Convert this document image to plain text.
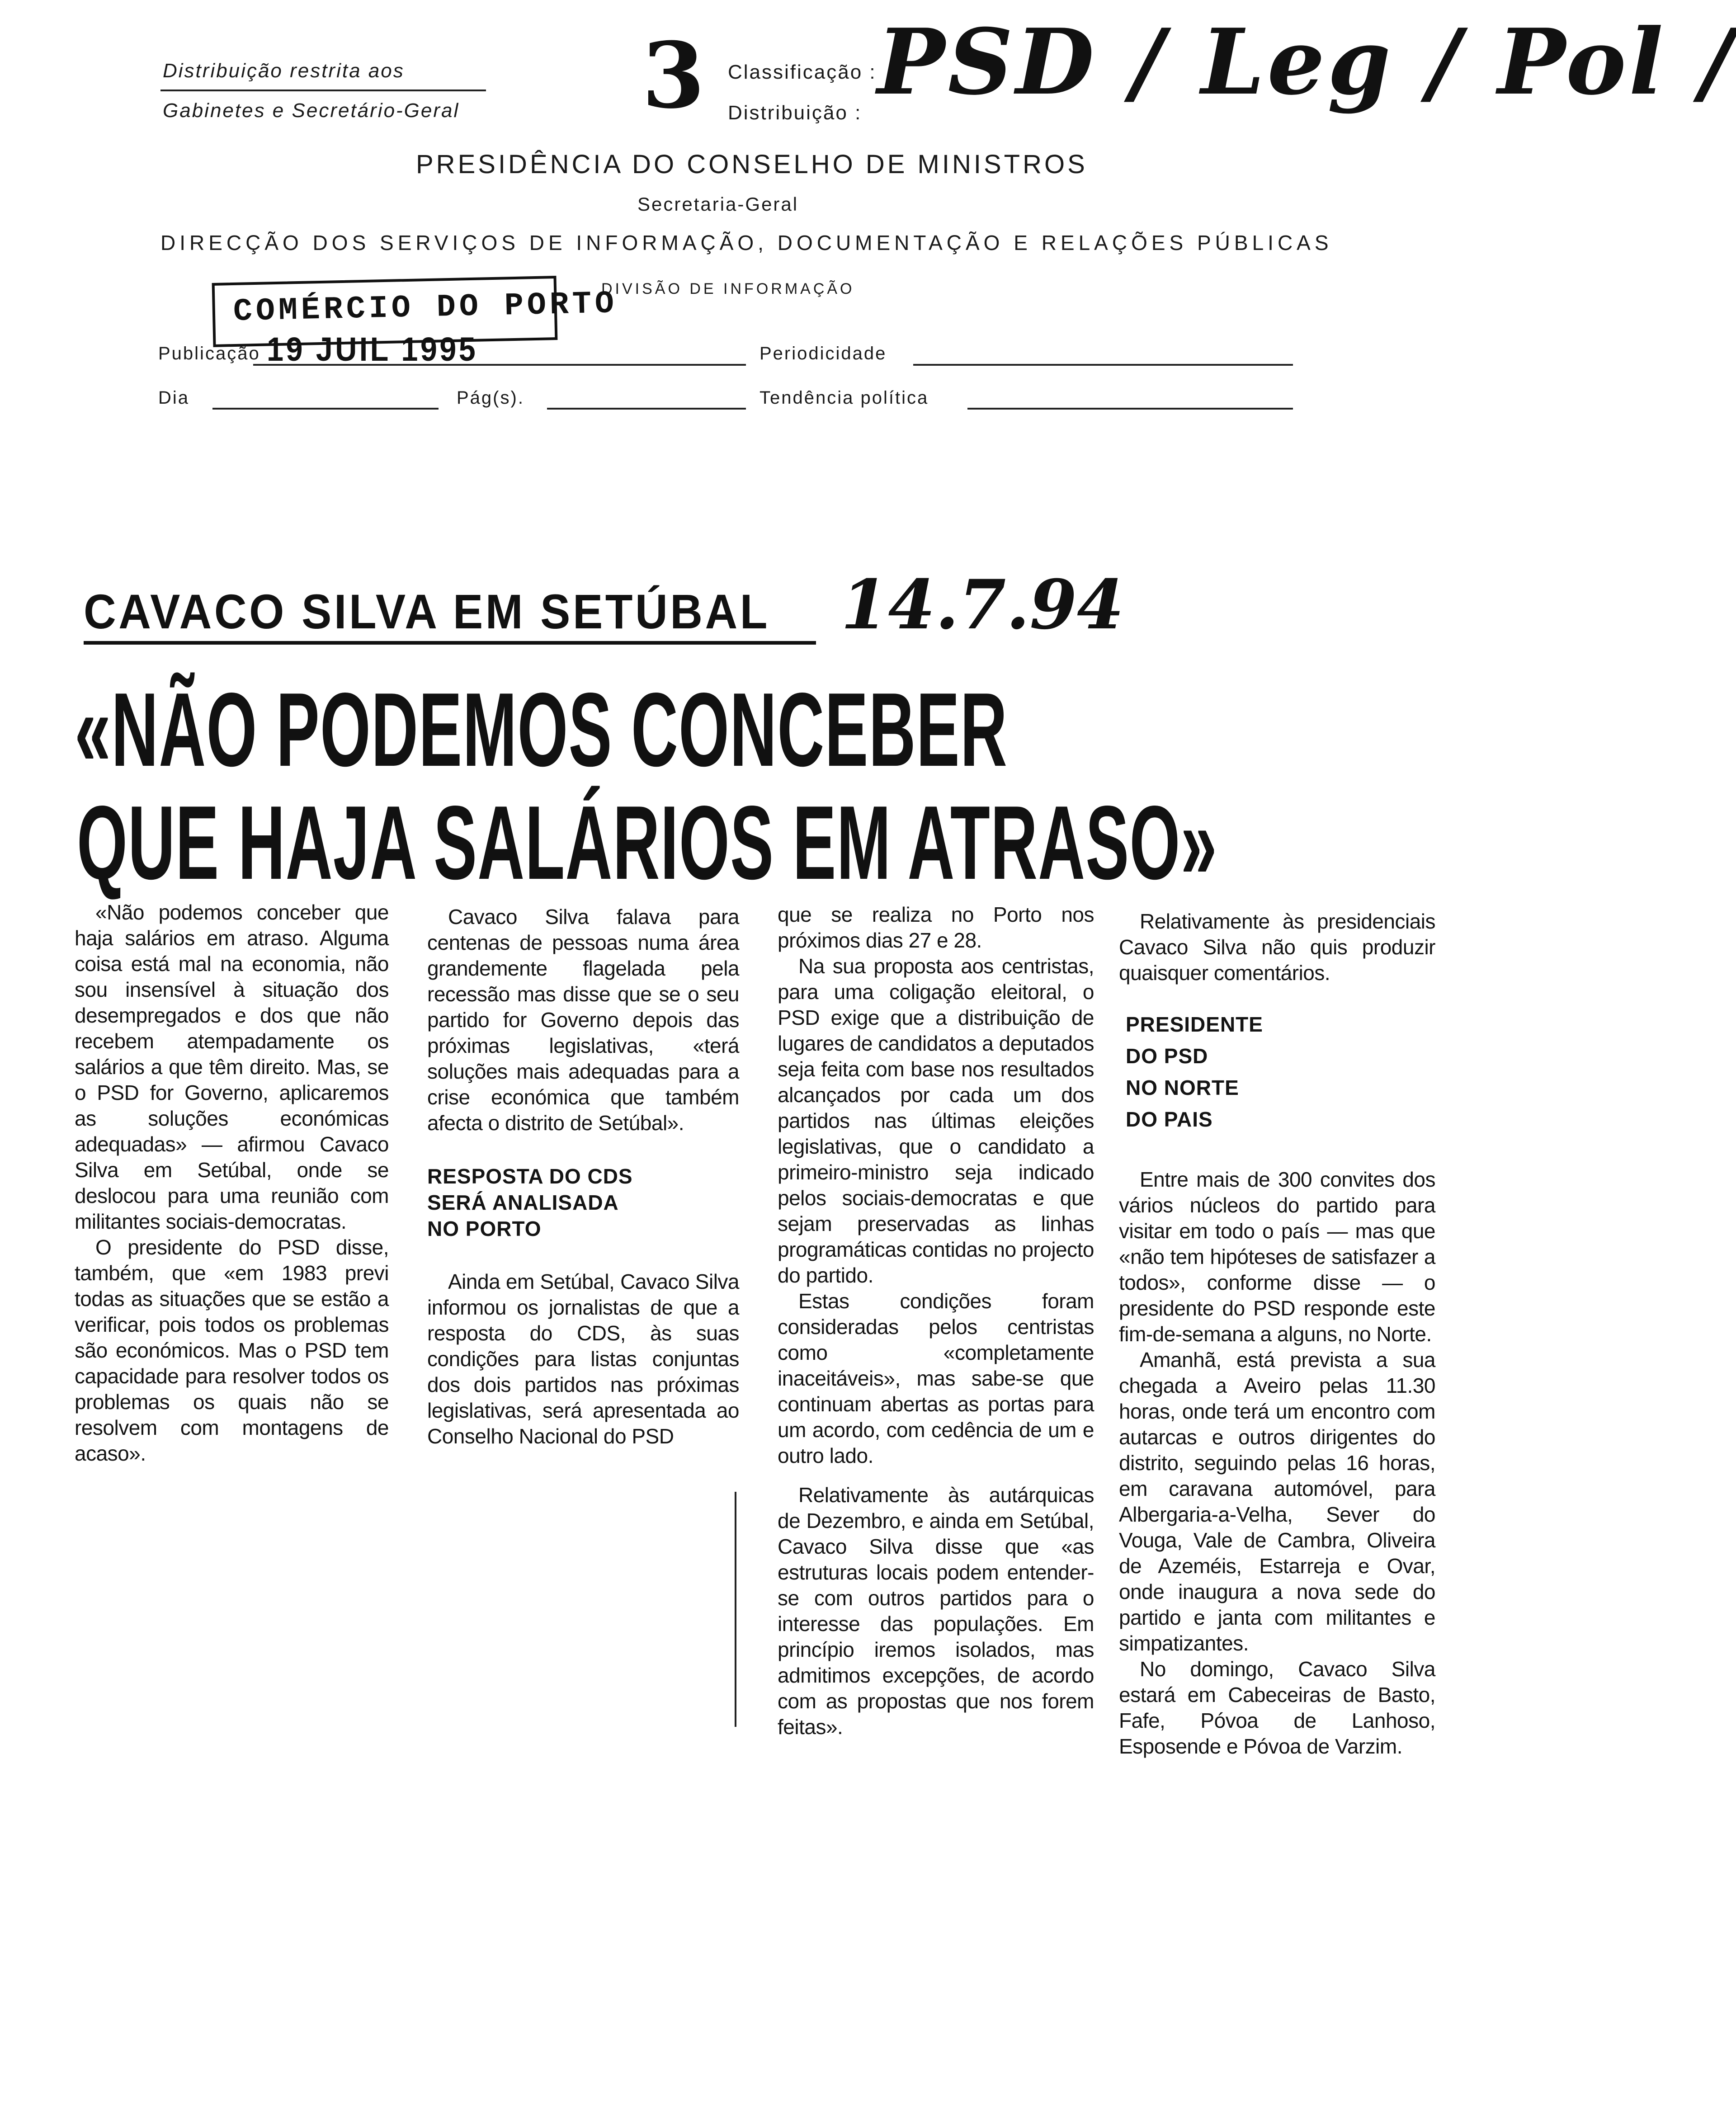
Distribuição restrita aos
Gabinetes e Secretário-Geral 3 Classificação :
Distribuição : PSD / Leg / Pol /
PRESIDÊNCIA DO CONSELHO DE MINISTROS
Secretaria-Geral
DIRECÇÃO DOS SERVIÇOS DE INFORMAÇÃO, DOCUMENTAÇÃO E RELAÇÕES PÚBLICAS
DIVISÃO DE INFORMAÇÃO
COMÉRCIO DO PORTO
19 JUIL 1995
Publicação	Periodicidade
Dia	Pág(s).	Tendência política
CAVACO SILVA EM SETÚBAL 14.7.94
«NÃO PODEMOS CONCEBER
QUE HAJA SALÁRIOS EM ATRASO»

«Não podemos conceber que haja salários em atraso. Alguma coisa está mal na economia, não sou insensível à situação dos desempregados e dos que não recebem atempadamente os salários a que têm direito. Mas, se o PSD for Governo, aplicaremos as soluções económicas adequadas» — afirmou Cavaco Silva em Setúbal, onde se deslocou para uma reunião com militantes sociais-democratas.

O presidente do PSD disse, também, que «em 1983 previ todas as situações que se estão a verificar, pois todos os problemas são económicos. Mas o PSD tem capacidade para resolver todos os problemas os quais não se resolvem com montagens de acaso».

Cavaco Silva falava para centenas de pessoas numa área grandemente flagelada pela recessão mas disse que se o seu partido for Governo depois das próximas legislativas, «terá soluções mais adequadas para a crise económica que também afecta o distrito de Setúbal».

RESPOSTA DO CDS
SERÁ ANALISADA
NO PORTO

Ainda em Setúbal, Cavaco Silva informou os jornalistas de que a resposta do CDS, às suas condições para listas conjuntas dos dois partidos nas próximas legislativas, será apresentada ao Conselho Nacional do PSD

que se realiza no Porto nos próximos dias 27 e 28.

Na sua proposta aos centristas, para uma coligação eleitoral, o PSD exige que a distribuição de lugares de candidatos a deputados seja feita com base nos resultados alcançados por cada um dos partidos nas últimas eleições legislativas, que o candidato a primeiro-ministro seja indicado pelos sociais-democratas e que sejam preservadas as linhas programáticas contidas no projecto do partido.

Estas condições foram consideradas pelos centristas como «completamente inaceitáveis», mas sabe-se que continuam abertas as portas para um acordo, com cedência de um e outro lado.

Relativamente às autárquicas de Dezembro, e ainda em Setúbal, Cavaco Silva disse que «as estruturas locais podem entender-se com outros partidos para o interesse das populações. Em princípio iremos isolados, mas admitimos excepções, de acordo com as propostas que nos forem feitas».

Relativamente às presidenciais Cavaco Silva não quis produzir quaisquer comentários.

PRESIDENTE
DO PSD
NO NORTE
DO PAIS

Entre mais de 300 convites dos vários núcleos do partido para visitar em todo o país — mas que «não tem hipóteses de satisfazer a todos», conforme disse — o presidente do PSD responde este fim-de-semana a alguns, no Norte.

Amanhã, está prevista a sua chegada a Aveiro pelas 11.30 horas, onde terá um encontro com autarcas e outros dirigentes do distrito, seguindo pelas 16 horas, em caravana automóvel, para Albergaria-a-Velha, Sever do Vouga, Vale de Cambra, Oliveira de Azeméis, Estarreja e Ovar, onde inaugura a nova sede do partido e janta com militantes e simpatizantes.

No domingo, Cavaco Silva estará em Cabeceiras de Basto, Fafe, Póvoa de Lanhoso, Esposende e Póvoa de Varzim.
